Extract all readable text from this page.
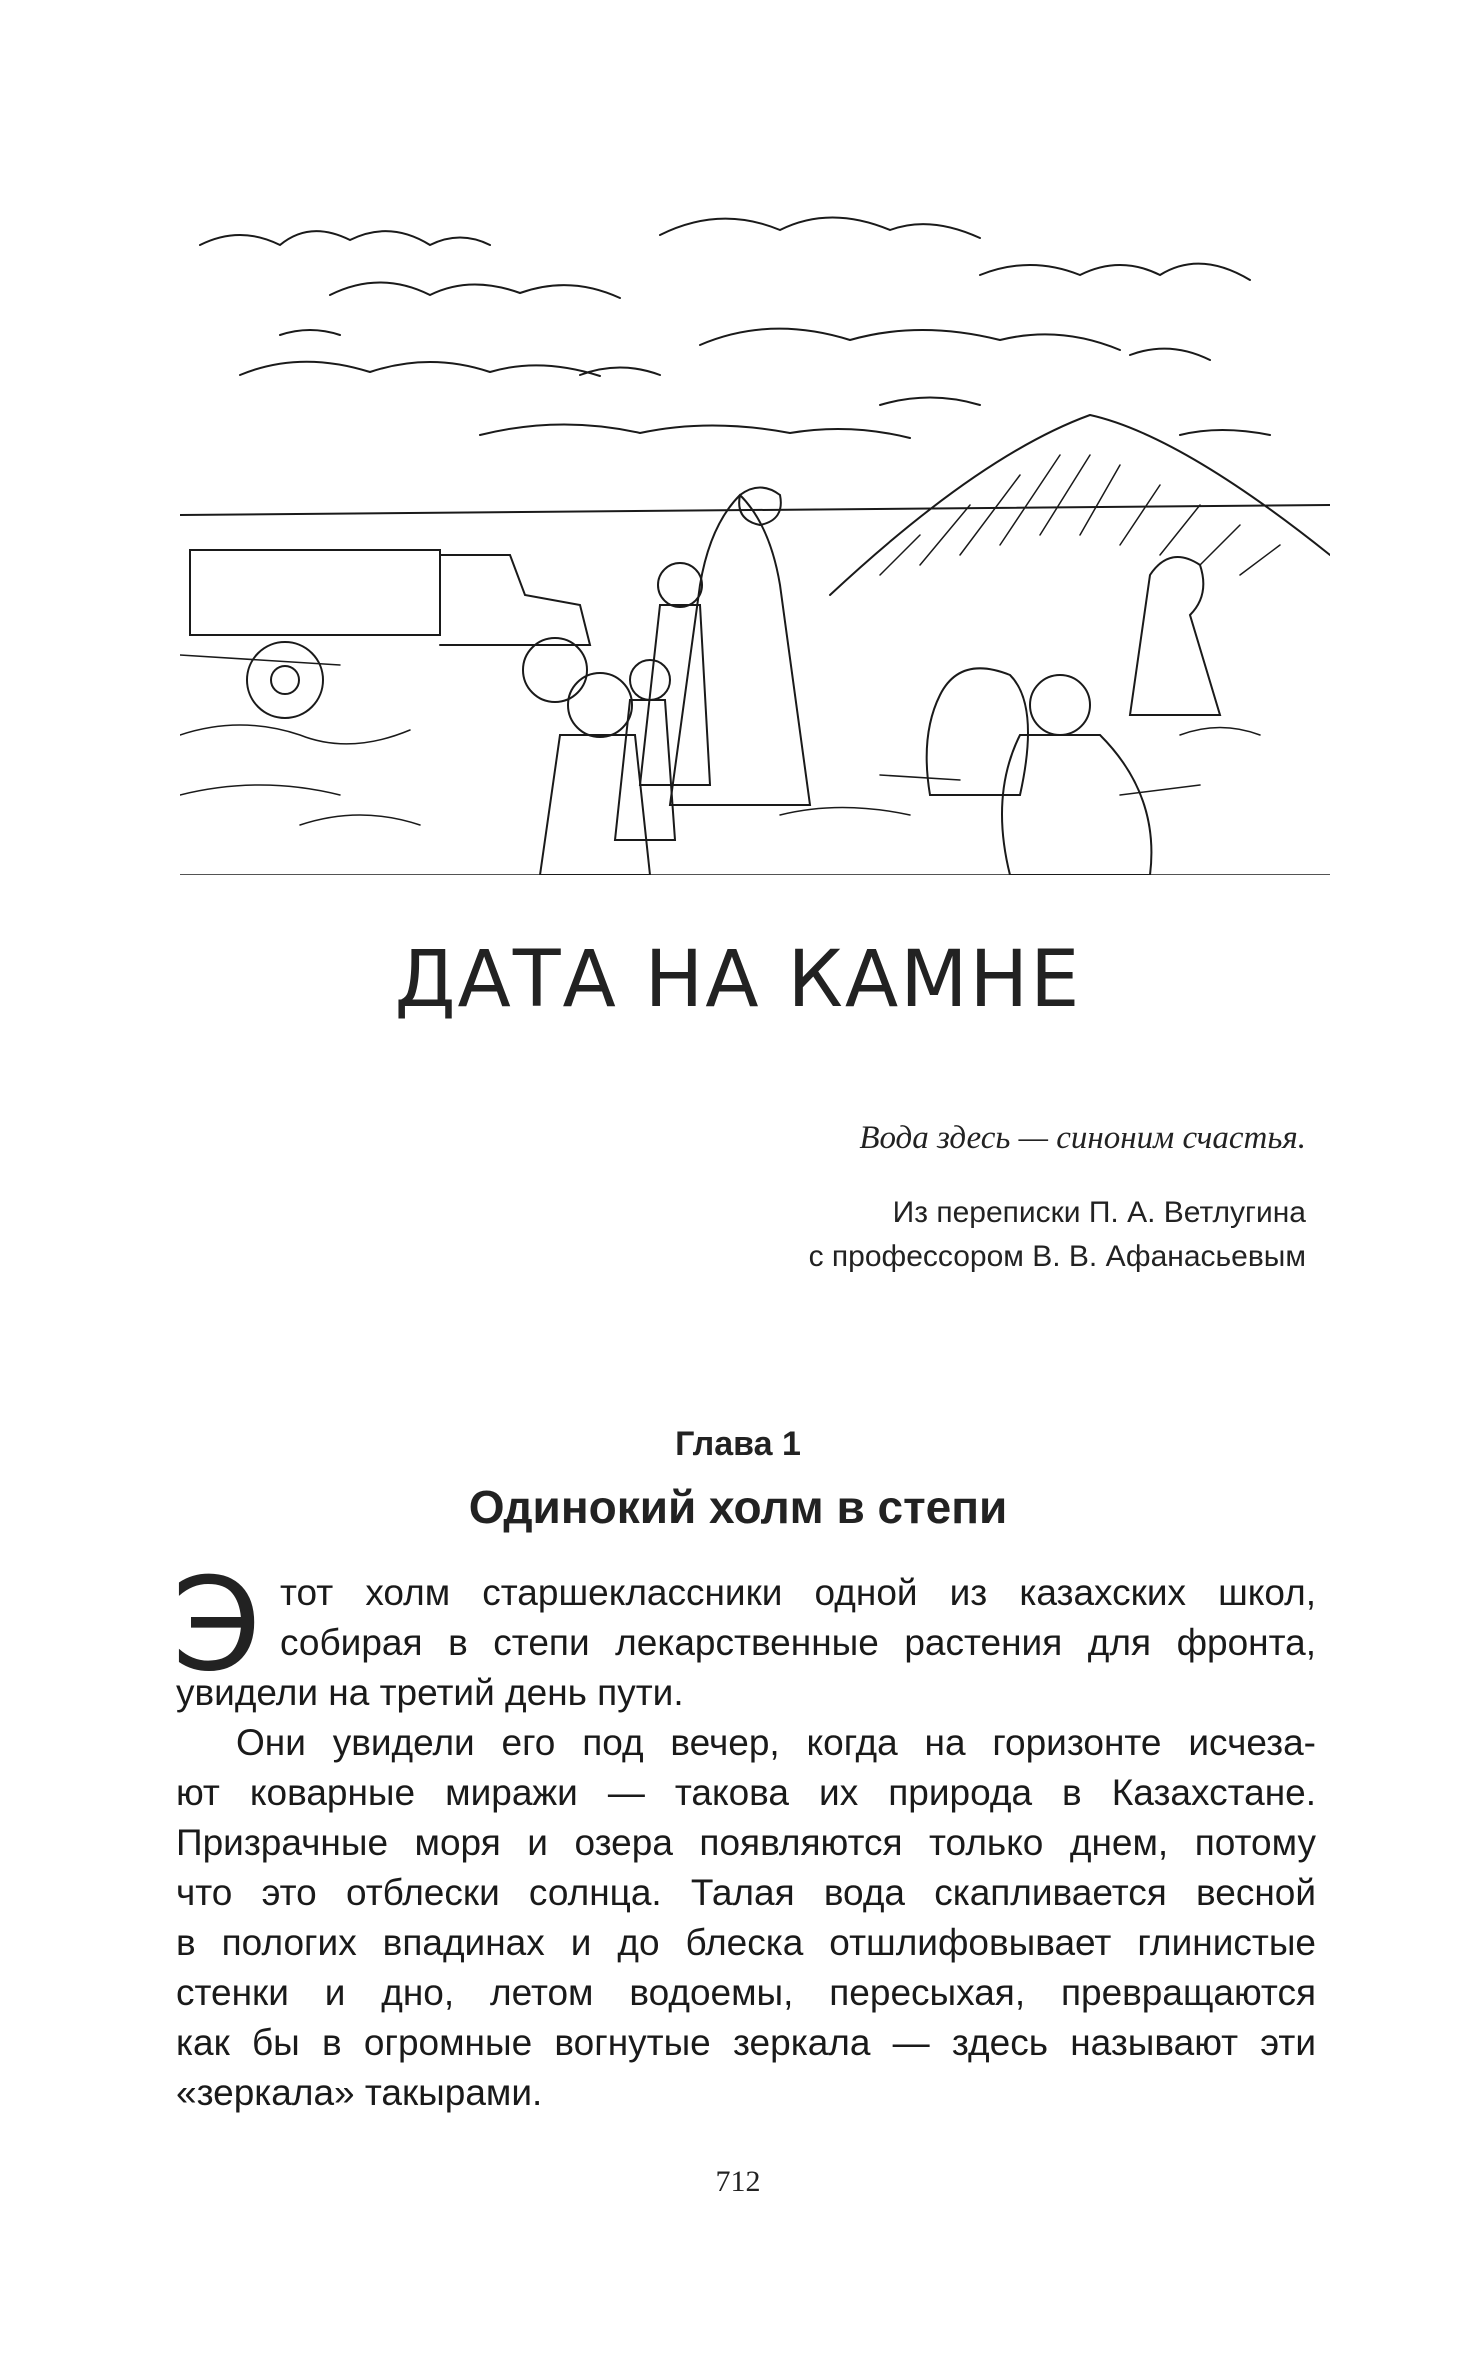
ДАТА НА КАМНЕ
Вода здесь — синоним счастья.
Из переписки П. А. Ветлугина
с профессором В. В. Афанасьевым
Глава 1
Одинокий холм в степи
Э тот холм старшеклассники одной из казахских школ,
собирая в степи лекарственные растения для фронта,
увидели на третий день пути.
Они увидели его под вечер, когда на горизонте исчеза-
ют коварные миражи — такова их природа в Казахстане.
Призрачные моря и озера появляются только днем, потому
что это отблески солнца. Талая вода скапливается весной
в пологих впадинах и до блеска отшлифовывает глинистые
стенки и дно, летом водоемы, пересыхая, превращаются
как бы в огромные вогнутые зеркала — здесь называют эти
«зеркала» такырами.
712
